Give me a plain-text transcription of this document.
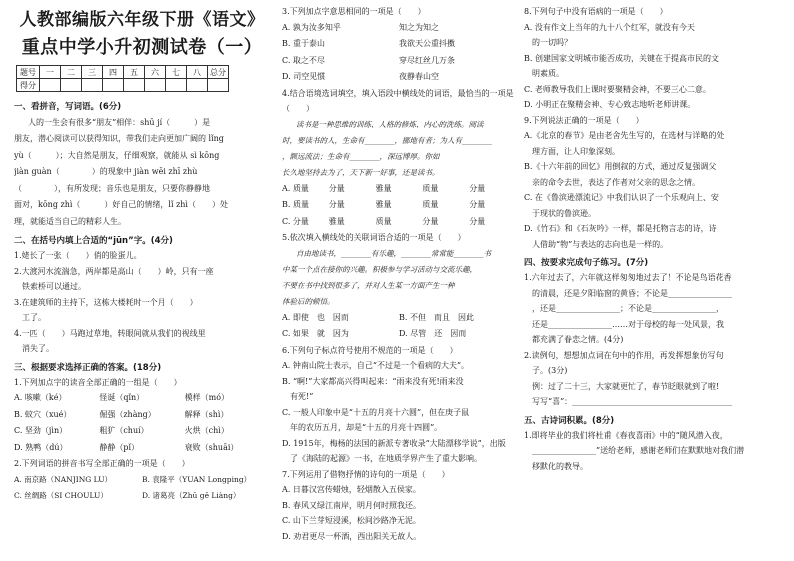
人教部编版六年级下册《语文》
重点中学小升初测试卷（一）
题号	一	二	三	四	五	六	七	八	总分
得分									
一、看拼音，写词语。(6分)
人的一生会有很多“朋友”相伴：shū jí（　　　）是
朋友，潜心阅读可以获得知识，带我们走向更加广阔的 lǐng
yù（　　　）；大自然是朋友，仔细观察，就能从 sì kōng
jiàn guàn（　　　　）的现象中 jiàn wēi zhī zhù
（　　　　），有所发现；音乐也是朋友，只要你静静地
面对，kōng zhì（　　　）好自己的情绪，lǐ zhì（　　）处
理，就能适当自己的精彩人生。
二、在括号内填上合适的“jūn”字。(4分)
1.姥长了一张（　　）俏的脸蛋儿。
2.大渡河水流湍急，两岸都是高山（　　）岭，只有一座
　铁索桥可以通过。
3.在建筑师的主持下，这栋大楼耗时一个月（　　）
　工了。
4.一匹（　　）马跑过草地，转眼间就从我们的视线里
　消失了。
三、根据要求选择正确的答案。(18分)
1.下列加点字的读音全部正确的一组是（　　）
A. 咳嗽（ké）	怪诞（qǐn）	模样（mó）
B. 蚊穴（xué）	倔强（zhàng）	解释（shì）
C. 坚劲（jìn）	粗犷（chuí）	火烘（chì）
D. 熟鸭（dú）	静静（pǐ）	衰败（shuāi）
2.下列词语的拼音书写全部正确的一项是（　　）
A. 南京路（NANJING LU）	B. 袁隆平（YUAN Longping）
C. 丝绸路（SI CHOULU）	D. 诸葛亮（Zhū gě Liàng）
3.下列加点字意思相同的一项是（　　）
A. 孰为汝多知乎	知之为知之
B. 重于泰山	我欲天公重抖擞
C. 取之不尽	穿尽红丝几万条
D. 司空见惯	夜静春山空
4.结合语境选词填空，填入语段中横线处的词语，最恰当的一项是（　　）
读书是一种思维的训练、人格的修炼、内心的洗练。阅读
时，要读书的人，生命有________，挪地有者；为人有________
，额远流法；生命有________，深远博厚。你如
长久地坚持去为了，天下新一好事，还是读书。
A. 质量	分量	雅量	质量	分量
B. 质量	分量	雅量	质量	分量
C. 分量	雅量	质量	分量	分量
5.依次填入横线处的关联词语合适的一项是（　　）
自由地读书，________有乐趣，________常常能________书
中某一个点在接你的兴趣。积极参与学习活动与交流乐趣，
不要在书中找到很多了，并对人生某一方面产生一种
体验后的顿悟。
A. 即使　也　因而	B. 不但　而且　因此
C. 如果　就　因为	D. 尽管　还　因而
6.下列句子标点符号使用不规范的一项是（　　）
A. 钟南山院士表示，自己“不过是一个看病的大夫”。
B. “啊!”大家都高兴得叫起来：“雨来没有死!雨来没
　有死!”
C. 一般人印象中是“十五的月亮十六圆”，但在庚子鼠
　年的农历五月，却是“十五的月亮十四圆”。
D. 1915年，梅杨的法国的新派专著收录“大陆漂移学说”，出版
　了《海陆的起源》一书，在地质学界产生了重大影响。
7.下列运用了借物抒情的诗句的一项是（　　）
A. 日暮汉宫传蜡烛，轻烟散入五侯家。
B. 春风又绿江南岸，明月何时照我还。
C. 山下兰芽短浸溪，松间沙路净无泥。
D. 劝君更尽一杯酒，西出阳关无故人。
8.下列句子中没有语病的一项是（　　）
A. 没有作文上当年的九十八个红军，就没有今天
　的一切吗？
B. 创建国家文明城市能否成功，关键在于提高市民的文
　明素质。
C. 老师教导我们上课时要聚精会神，不要三心二意。
D. 小明正在聚精会神、专心致志地听老师讲课。
9.下列说法正确的一项是（　　）
A.《北京的春节》是由老舍先生写的，在选材与详略的处
　理方面，让人印象深刻。
B.《十六年前的回忆》用倒叙的方式，通过反复强调父
　亲的命令去世，表达了作者对父亲的思念之情。
C. 在《鲁滨逊漂流记》中我们认识了一个乐观向上、安
　于现状的鲁滨逊。
D.《竹石》和《石灰吟》一样，都是托物言志的诗，诗
　人借助“物”与表达的志向也是一样的。
四、按要求完成句子练习。(7分)
1.六年过去了，六年就这样匆匆地过去了！不论是鸟语花香
　的清晨，还是夕阳临窗的黄昏；不论是________________
　，还是________________；不论是________________，
　还是________________……对于母校的每一处风景，我
　都充满了眷恋之情。(4分)
2.读例句，想想加点词在句中的作用，再发挥想象仿写句
　子。(3分)
　例：过了二十三，大家就更忙了，春节眨眼就到了啦!
　写写“喜”：________________________________________
五、古诗词积累。(8分)
1.即将毕业的我们将杜甫《春夜喜雨》中的“随风潜入夜，
　________________”送给老师，感谢老师们在默默地对我们潜
　移默化的教导。
